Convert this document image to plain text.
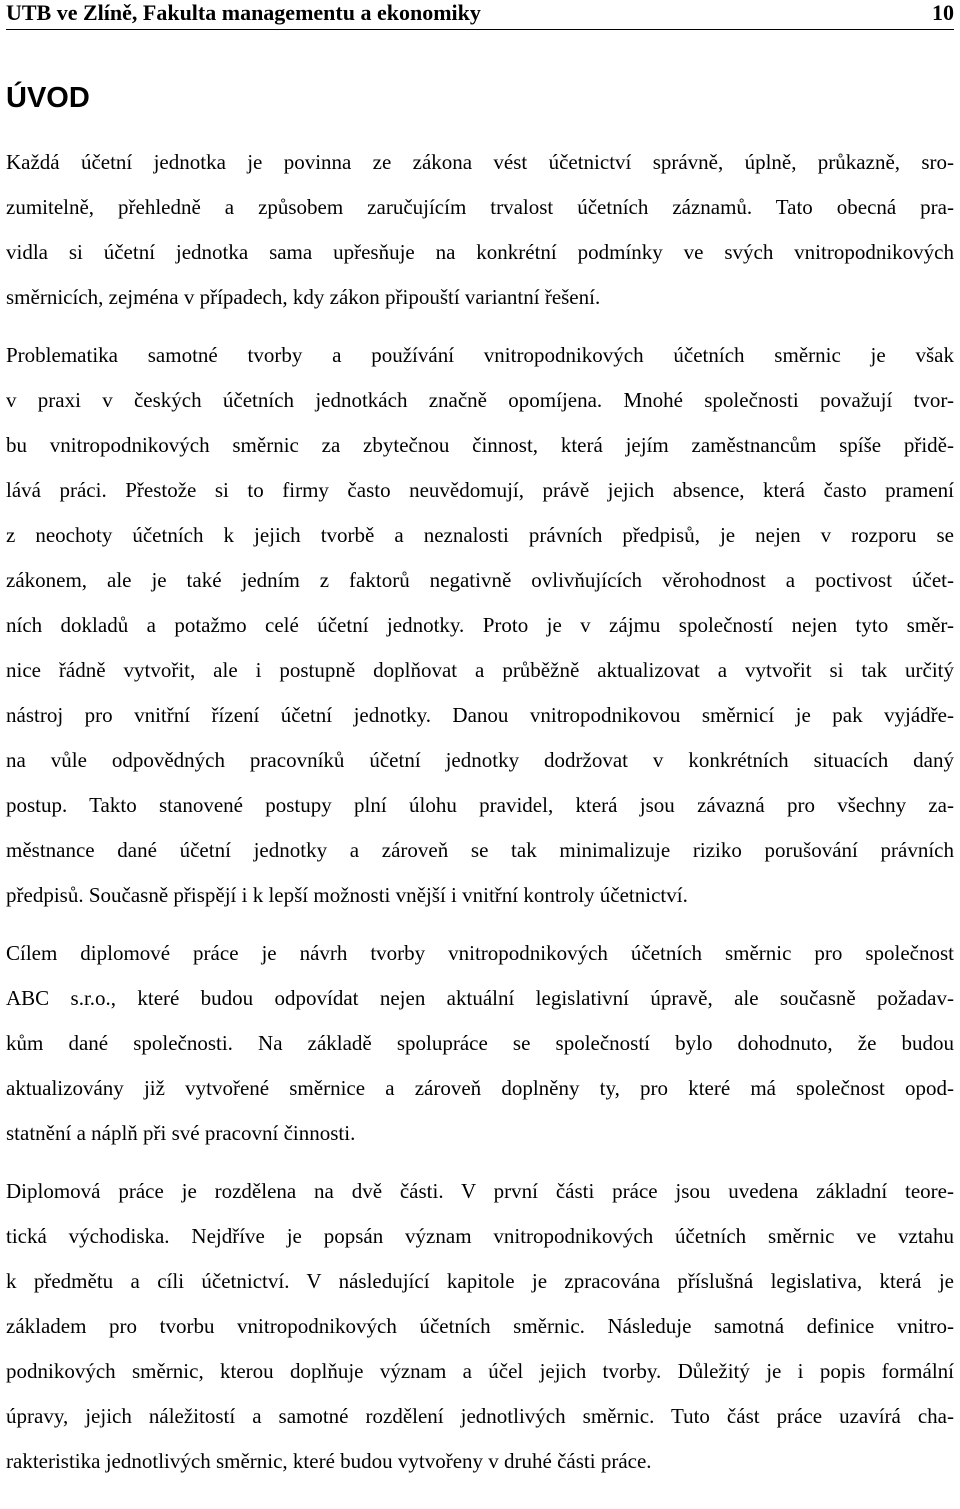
UTB ve Zlíně, Fakulta managementu a ekonomiky	10
ÚVOD
Každá účetní jednotka je povinna ze zákona vést účetnictví správně, úplně, průkazně, sro-
zumitelně, přehledně a způsobem zaručujícím trvalost účetních záznamů. Tato obecná pra-
vidla si účetní jednotka sama upřesňuje na konkrétní podmínky ve svých vnitropodnikových
směrnicích, zejména v případech, kdy zákon připouští variantní řešení.
Problematika samotné tvorby a používání vnitropodnikových účetních směrnic je však
v praxi v českých účetních jednotkách značně opomíjena. Mnohé společnosti považují tvor-
bu vnitropodnikových směrnic za zbytečnou činnost, která jejím zaměstnancům spíše přidě-
lává práci. Přestože si to firmy často neuvědomují, právě jejich absence, která často pramení
z neochoty účetních k jejich tvorbě a neznalosti právních předpisů, je nejen v rozporu se
zákonem, ale je také jedním z faktorů negativně ovlivňujících věrohodnost a poctivost účet-
ních dokladů a potažmo celé účetní jednotky. Proto je v zájmu společností nejen tyto směr-
nice řádně vytvořit, ale i postupně doplňovat a průběžně aktualizovat a vytvořit si tak určitý
nástroj pro vnitřní řízení účetní jednotky. Danou vnitropodnikovou směrnicí je pak vyjádře-
na vůle odpovědných pracovníků účetní jednotky dodržovat v konkrétních situacích daný
postup. Takto stanovené postupy plní úlohu pravidel, která jsou závazná pro všechny za-
městnance dané účetní jednotky a zároveň se tak minimalizuje riziko porušování právních
předpisů. Současně přispějí i k lepší možnosti vnější i vnitřní kontroly účetnictví.
Cílem diplomové práce je návrh tvorby vnitropodnikových účetních směrnic pro společnost
ABC s.r.o., které budou odpovídat nejen aktuální legislativní úpravě, ale současně požadav-
kům dané společnosti. Na základě spolupráce se společností bylo dohodnuto, že budou
aktualizovány již vytvořené směrnice a zároveň doplněny ty, pro které má společnost opod-
statnění a náplň při své pracovní činnosti.
Diplomová práce je rozdělena na dvě části. V první části práce jsou uvedena základní teore-
tická východiska. Nejdříve je popsán význam vnitropodnikových účetních směrnic ve vztahu
k předmětu a cíli účetnictví. V následující kapitole je zpracována příslušná legislativa, která je
základem pro tvorbu vnitropodnikových účetních směrnic. Následuje samotná definice vnitro-
podnikových směrnic, kterou doplňuje význam a účel jejich tvorby. Důležitý je i popis formální
úpravy, jejich náležitostí a samotné rozdělení jednotlivých směrnic. Tuto část práce uzavírá cha-
rakteristika jednotlivých směrnic, které budou vytvořeny v druhé části práce.
